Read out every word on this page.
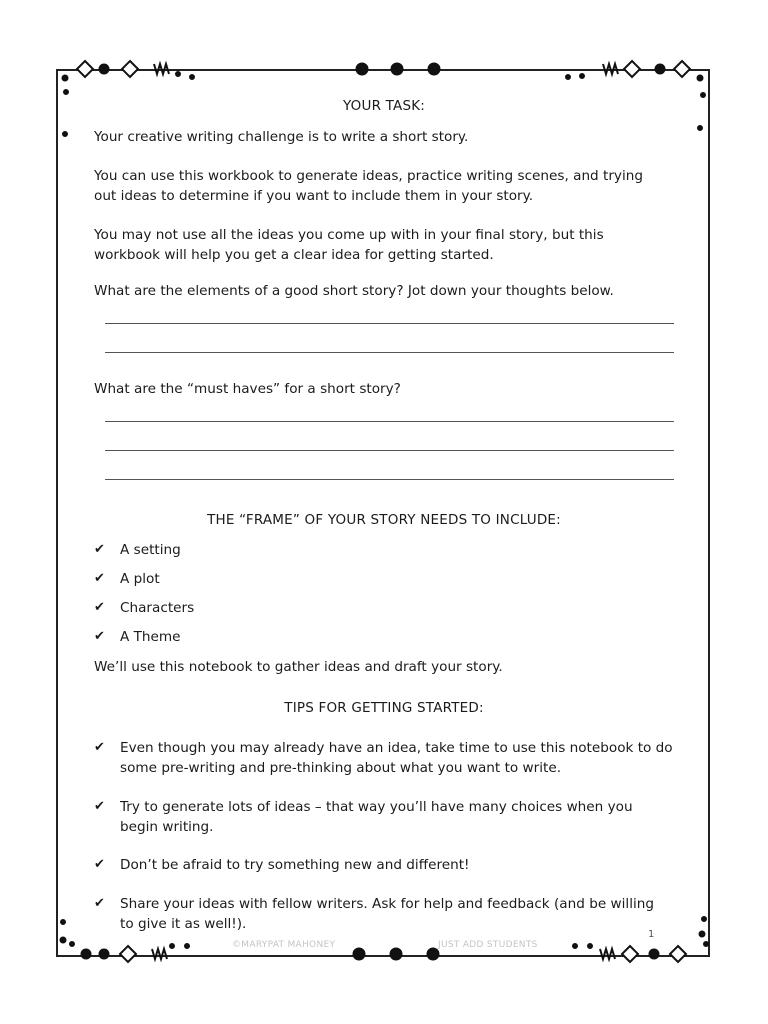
YOUR TASK:

Your creative writing challenge is to write a short story.

You can use this workbook to generate ideas, practice writing scenes, and trying

out ideas to determine if you want to include them in your story.

You may not use all the ideas you come up with in your final story, but this

workbook will help you get a clear idea for getting started.

What are the elements of a good short story? Jot down your thoughts below.

What are the “must haves” for a short story?

THE “FRAME” OF YOUR STORY NEEDS TO INCLUDE:
✔ A setting
✔ A plot
✔ Characters
✔ A Theme

We’ll use this notebook to gather ideas and draft your story.

TIPS FOR GETTING STARTED:
✔ Even though you may already have an idea, take time to use this notebook to do
some pre-writing and pre-thinking about what you want to write.
✔ Try to generate lots of ideas – that way you’ll have many choices when you
begin writing.
✔ Don’t be afraid to try something new and different!
✔ Share your ideas with fellow writers. Ask for help and feedback (and be willing
to give it as well!).
©MARYPAT MAHONEY	JUST ADD STUDENTS
1
